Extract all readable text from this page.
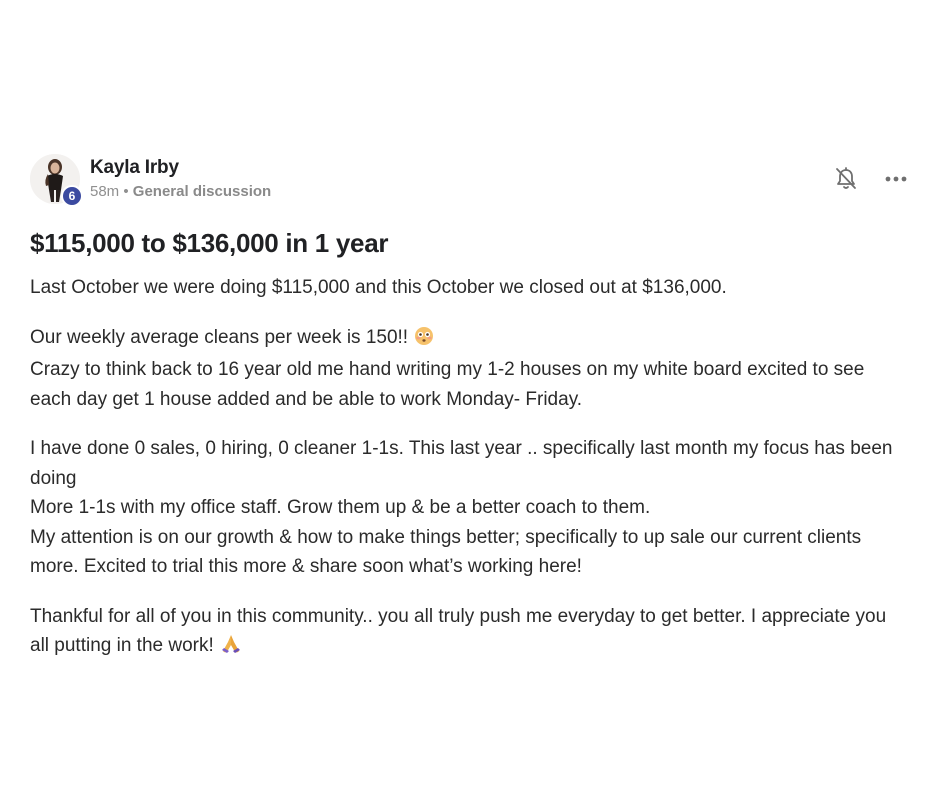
6
Kayla Irby
58m • General discussion
$115,000 to $136,000 in 1 year

Last October we were doing $115,000 and this October we closed out at $136,000.

Our weekly average cleans per week is 150!!
Crazy to think back to 16 year old me hand writing my 1-2 houses on my white board excited to see each day get 1 house added and be able to work Monday- Friday.

I have done 0 sales, 0 hiring, 0 cleaner 1-1s. This last year .. specifically last month my focus has been doing
More 1-1s with my office staff. Grow them up & be a better coach to them.
My attention is on our growth & how to make things better; specifically to up sale our current clients more. Excited to trial this more & share soon what’s working here!

Thankful for all of you in this community.. you all truly push me everyday to get better. I appreciate you all putting in the work!
